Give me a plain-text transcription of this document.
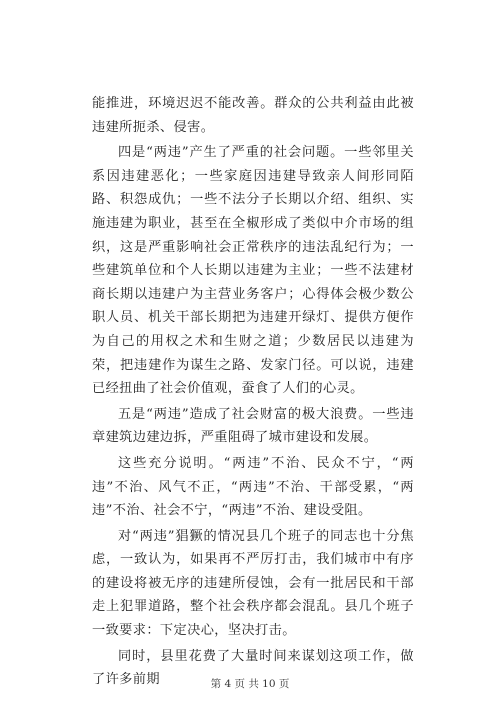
能推进，环境迟迟不能改善。群众的公共利益由此被违建所扼杀、侵害。

四是“两违”产生了严重的社会问题。一些邻里关系因违建恶化；一些家庭因违建导致亲人间形同陌路、积怨成仇；一些不法分子长期以介绍、组织、实施违建为职业，甚至在全椒形成了类似中介市场的组织，这是严重影响社会正常秩序的违法乱纪行为；一些建筑单位和个人长期以违建为主业；一些不法建材商长期以违建户为主营业务客户；心得体会极少数公职人员、机关干部长期把为违建开绿灯、提供方便作为自己的用权之术和生财之道；少数居民以违建为荣，把违建作为谋生之路、发家门径。可以说，违建已经扭曲了社会价值观，蚕食了人们的心灵。

五是“两违”造成了社会财富的极大浪费。一些违章建筑边建边拆，严重阻碍了城市建设和发展。

这些充分说明。“两违”不治、民众不宁，“两违”不治、风气不正，“两违”不治、干部受累，“两违”不治、社会不宁，“两违”不治、建设受阻。

对“两违”猖獗的情况县几个班子的同志也十分焦虑，一致认为，如果再不严厉打击，我们城市中有序的建设将被无序的违建所侵蚀，会有一批居民和干部走上犯罪道路，整个社会秩序都会混乱。县几个班子一致要求：下定决心，坚决打击。

同时，县里花费了大量时间来谋划这项工作，做了许多前期	第 4 页 共 10 页
